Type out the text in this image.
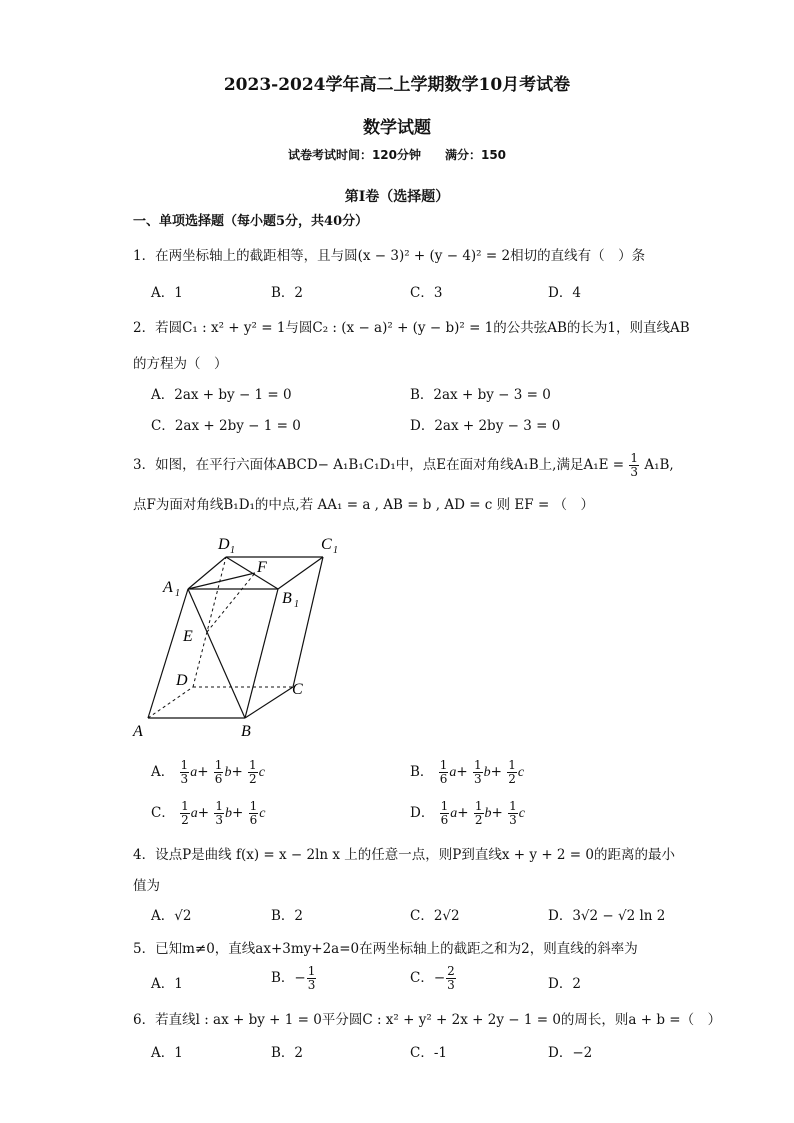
2023-2024学年高二上学期数学10月考试卷
数学试题
试卷考试时间：120分钟　　满分：150
第Ⅰ卷（选择题）
一、单项选择题（每小题5分，共40分）
1．在两坐标轴上的截距相等，且与圆(x − 3)² + (y − 4)² = 2相切的直线有（　）条
A．1	B．2	C．3	D．4
2．若圆C₁ : x² + y² = 1与圆C₂ : (x − a)² + (y − b)² = 1的公共弦AB的长为1，则直线AB
的方程为（　）
A．2ax + by − 1 = 0	B．2ax + by − 3 = 0
C．2ax + 2by − 1 = 0	D．2ax + 2by − 3 = 0
3．如图，在平行六面体ABCD− A₁B₁C₁D₁中，点E在面对角线A₁B上,满足$A_1E = \frac{1}{3} A_1B$,
点F为面对角线B₁D₁的中点,若 AA₁ = a , AB = b , AD = c 则 EF = （　）
D 1	C 1
A 1	B 1
F
E
D
C
A	B
A． $\frac{1}{3} a+ \frac{1}{6} b+ \frac{1}{2}$ c	B． $\frac{1}{6} a+ \frac{1}{3} b+ \frac{1}{2}$ c
C． $\frac{1}{2} a+ \frac{1}{3} b+ \frac{1}{6}$ c	D． $\frac{1}{6} a+ \frac{1}{2} b+ \frac{1}{3}$ c
4．设点P是曲线 f(x) = x − 2ln x 上的任意一点，则P到直线x + y + 2 = 0的距离的最小
值为
A．√2	B．2	C．2√2	D．3√2 − √2 ln 2
5．已知m≠0，直线ax+3my+2a=0在两坐标轴上的截距之和为2，则直线的斜率为
A．1	B．− $\frac{1}{3}$	C．− $\frac{2}{3}$	D．2
6．若直线l : ax + by + 1 = 0平分圆C : x² + y² + 2x + 2y − 1 = 0的周长，则a + b =（　）
A．1	B．2	C．-1	D．−2
